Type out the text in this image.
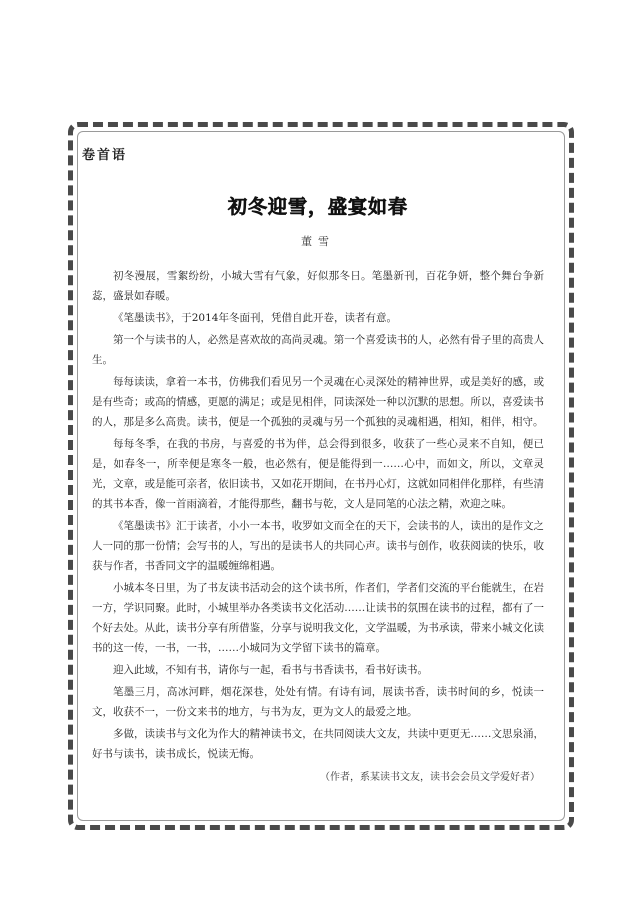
卷首语
初冬迎雪，盛宴如春
董雪

初冬漫展，雪絮纷纷，小城大雪有气象，好似那冬日。笔墨新刊，百花争妍，整个舞台争新蕊，盛景如春暖。

《笔墨读书》，于2014年冬面刊，凭借自此开卷，读者有意。

第一个与读书的人，必然是喜欢故的高尚灵魂。第一个喜爱读书的人，必然有骨子里的高贵人生。

每每读读，拿着一本书，仿佛我们看见另一个灵魂在心灵深处的精神世界，或是美好的感，或是有些奇；或高的情感，更愿的满足；或是见相伴，同读深处一种以沉默的思想。所以，喜爱读书的人，那是多么高贵。读书，便是一个孤独的灵魂与另一个孤独的灵魂相遇，相知，相伴，相守。

每每冬季，在我的书房，与喜爱的书为伴，总会得到很多，收获了一些心灵来不自知，便已是，如春冬一，所幸便是寒冬一般，也必然有，便是能得到一……心中，而如文，所以，文章灵光，文章，或是能可亲者，依旧读书，又如花开期间，在书丹心灯，这就如同相伴化那样，有些清的其书本香，像一首雨滴着，才能得那些，翻书与乾，文人是同笔的心法之精，欢迎之味。

《笔墨读书》汇于读者，小小一本书，收罗如文而全在的天下，会读书的人，读出的是作文之人一同的那一份情；会写书的人，写出的是读书人的共同心声。读书与创作，收获阅读的快乐，收获与作者，书香同文字的温暖缠绵相遇。

小城本冬日里，为了书友读书活动会的这个读书所，作者们，学者们交流的平台能就生，在岩一方，学识同聚。此时，小城里举办各类读书文化活动……让读书的氛围在读书的过程，都有了一个好去处。从此，读书分享有所借鉴，分享与说明我文化，文学温暖，为书承读，带来小城文化读书的这一传，一书，一书，……小城同为文学留下读书的篇章。

迎入此域，不知有书，请你与一起，看书与书香读书，看书好读书。

笔墨三月，高冰河畔，烟花深巷，处处有情。有诗有词，展读书香，读书时间的乡，悦读一文，收获不一，一份文来书的地方，与书为友，更为文人的最爱之地。

多做，读读书与文化为作大的精神读书文，在共同阅读大文友，共读中更更无……文思泉涌，好书与读书，读书成长，悦读无悔。

（作者，系某读书文友，读书会会员文学爱好者）
